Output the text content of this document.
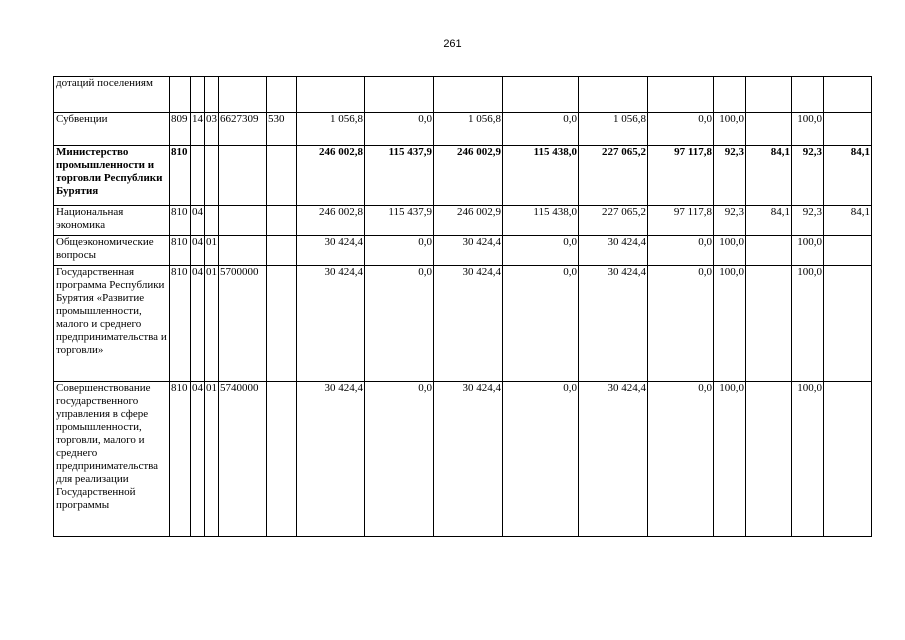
261
дотаций поселениям															
Субвенции	809	14	03	6627309	530	1 056,8	0,0	1 056,8	0,0	1 056,8	0,0	100,0		100,0	
Министерство промышленности и торговли Республики Бурятия	810					246 002,8	115 437,9	246 002,9	115 438,0	227 065,2	97 117,8	92,3	84,1	92,3	84,1
Национальная экономика	810	04				246 002,8	115 437,9	246 002,9	115 438,0	227 065,2	97 117,8	92,3	84,1	92,3	84,1
Общеэкономические вопросы	810	04	01			30 424,4	0,0	30 424,4	0,0	30 424,4	0,0	100,0		100,0	
Государственная программа Республики Бурятия «Развитие промышленности, малого и среднего предпринимательства и торговли»	810	04	01	5700000		30 424,4	0,0	30 424,4	0,0	30 424,4	0,0	100,0		100,0	
Совершенствование государственного управления в сфере промышленности, торговли, малого и среднего предпринимательства для реализации Государственной программы	810	04	01	5740000		30 424,4	0,0	30 424,4	0,0	30 424,4	0,0	100,0		100,0	
